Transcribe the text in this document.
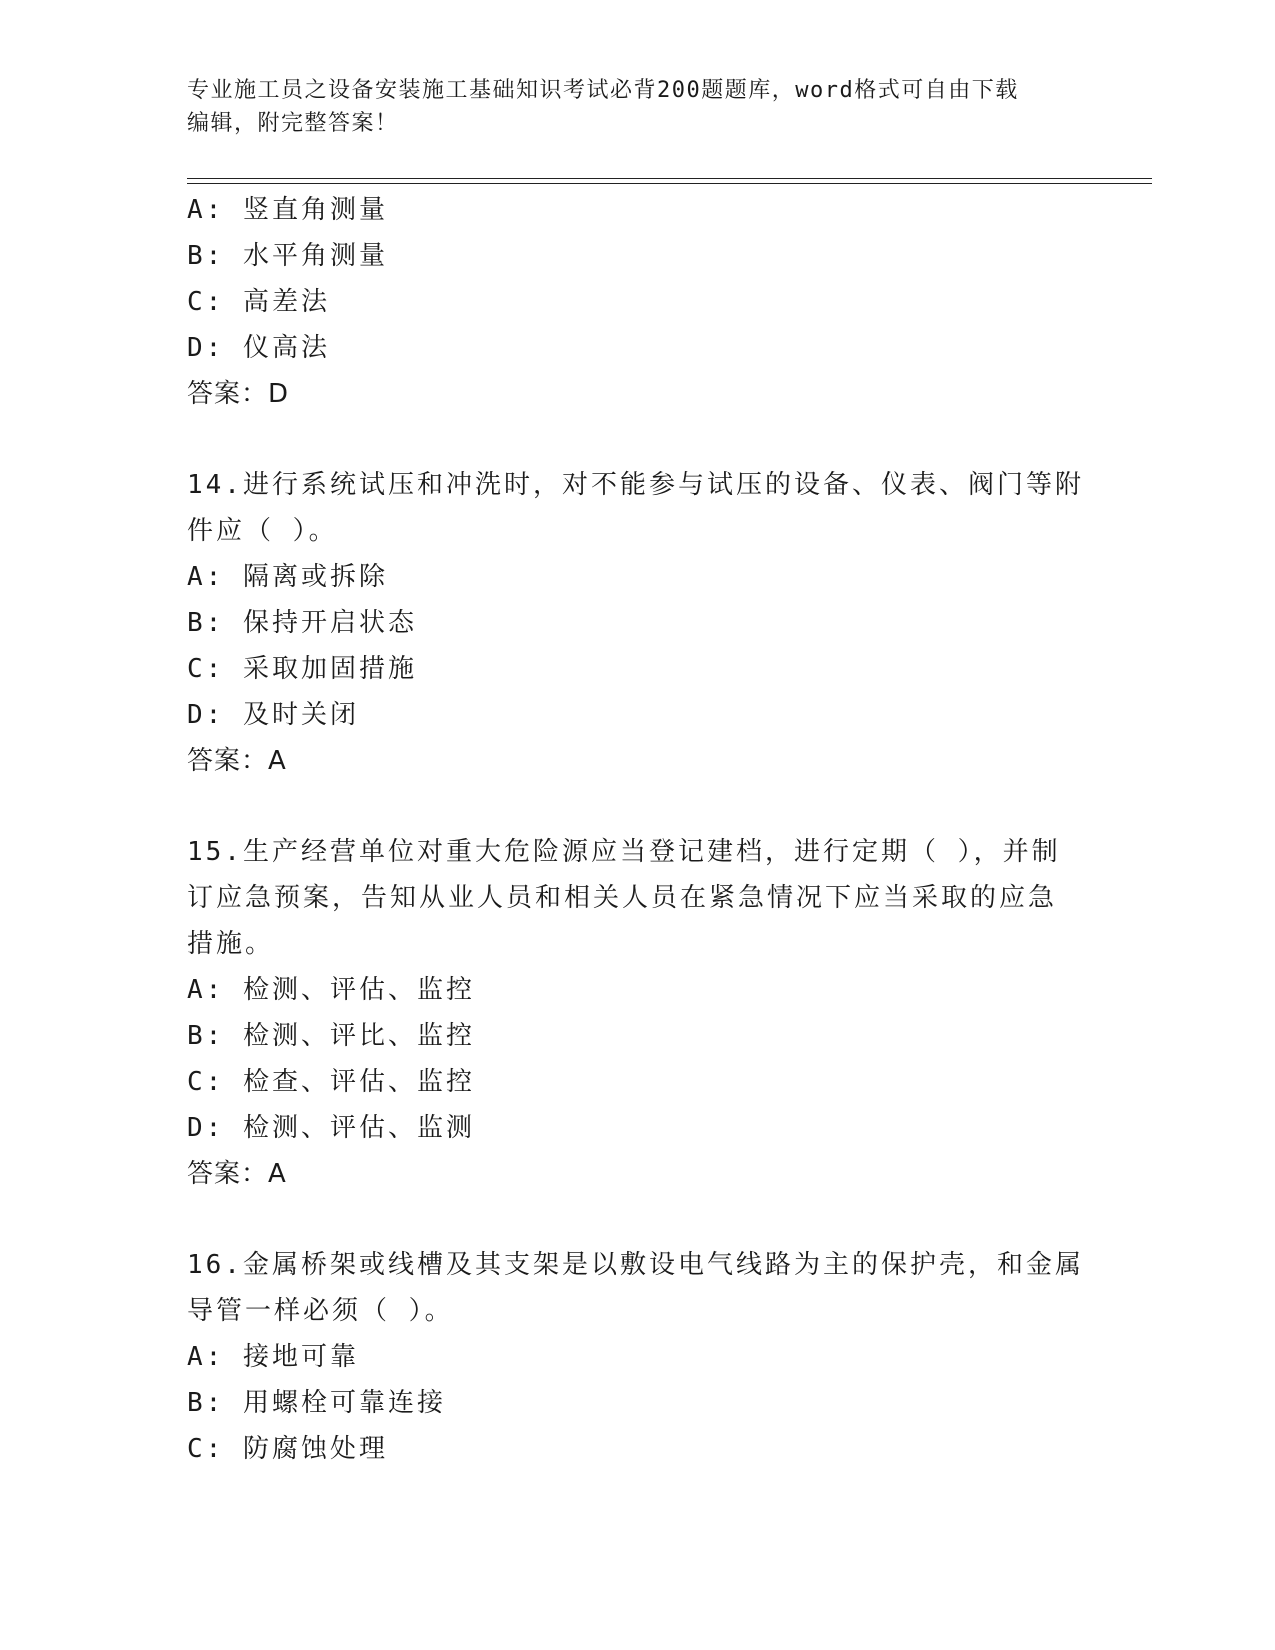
专业施工员之设备安装施工基础知识考试必背200题题库，word格式可自由下载
编辑，附完整答案！
A: 竖直角测量
B: 水平角测量
C: 高差法
D: 仪高法
答案：D
14.进行系统试压和冲洗时，对不能参与试压的设备、仪表、阀门等附
件应（ ）。
A: 隔离或拆除
B: 保持开启状态
C: 采取加固措施
D: 及时关闭
答案：A
15.生产经营单位对重大危险源应当登记建档，进行定期（ ），并制
订应急预案，告知从业人员和相关人员在紧急情况下应当采取的应急
措施。
A: 检测、评估、监控
B: 检测、评比、监控
C: 检查、评估、监控
D: 检测、评估、监测
答案：A
16.金属桥架或线槽及其支架是以敷设电气线路为主的保护壳，和金属
导管一样必须（ ）。
A: 接地可靠
B: 用螺栓可靠连接
C: 防腐蚀处理
